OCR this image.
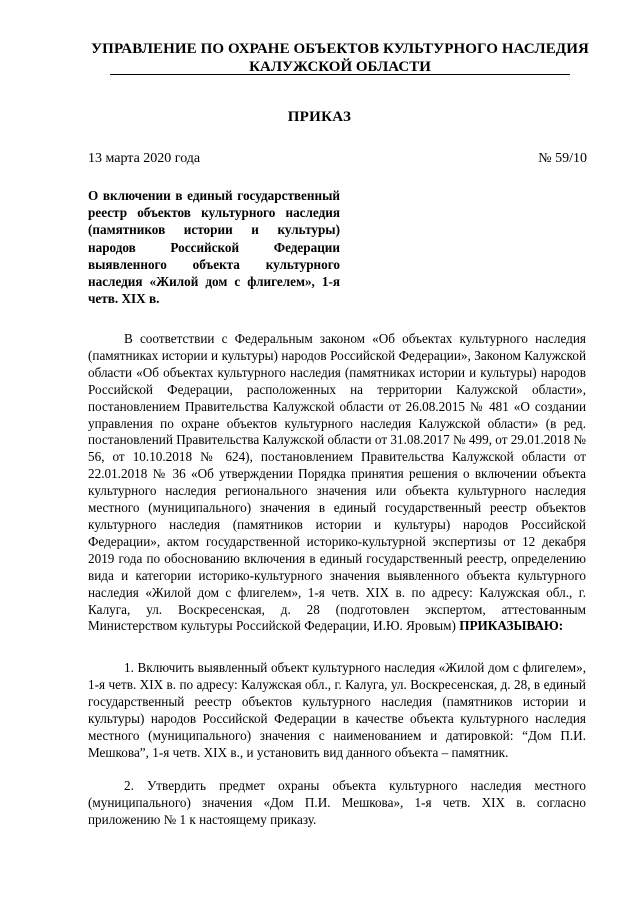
УПРАВЛЕНИЕ ПО ОХРАНЕ ОБЪЕКТОВ КУЛЬТУРНОГО НАСЛЕДИЯ
КАЛУЖСКОЙ ОБЛАСТИ
ПРИКАЗ
13 марта 2020 года	№ 59/10
О включении в единый государственный реестр объектов культурного наследия (памятников истории и культуры) народов Российской Федерации выявленного объекта культурного наследия «Жилой дом с флигелем», 1-я четв. XIX в.
В соответствии с Федеральным законом «Об объектах культурного наследия (памятниках истории и культуры) народов Российской Федерации», Законом Калужской области «Об объектах культурного наследия (памятниках истории и культуры) народов Российской Федерации, расположенных на территории Калужской области», постановлением Правительства Калужской области от 26.08.2015 № 481 «О создании управления по охране объектов культурного наследия Калужской области» (в ред. постановлений Правительства Калужской области от 31.08.2017 № 499, от 29.01.2018 № 56, от 10.10.2018 № 624), постановлением Правительства Калужской области от 22.01.2018 № 36 «Об утверждении Порядка принятия решения о включении объекта культурного наследия регионального значения или объекта культурного наследия местного (муниципального) значения в единый государственный реестр объектов культурного наследия (памятников истории и культуры) народов Российской Федерации», актом государственной историко-культурной экспертизы от 12 декабря 2019 года по обоснованию включения в единый государственный реестр, определению вида и категории историко-культурного значения выявленного объекта культурного наследия «Жилой дом с флигелем», 1-я четв. XIX в. по адресу: Калужская обл., г. Калуга, ул. Воскресенская, д. 28 (подготовлен экспертом, аттестованным Министерством культуры Российской Федерации, И.Ю. Яровым) ПРИКАЗЫВАЮ:
1. Включить выявленный объект культурного наследия «Жилой дом с флигелем», 1-я четв. XIX в. по адресу: Калужская обл., г. Калуга, ул. Воскресенская, д. 28, в единый государственный реестр объектов культурного наследия (памятников истории и культуры) народов Российской Федерации в качестве объекта культурного наследия местного (муниципального) значения с наименованием и датировкой: “Дом П.И. Мешкова”, 1-я четв. XIX в., и установить вид данного объекта – памятник.
2. Утвердить предмет охраны объекта культурного наследия местного (муниципального) значения «Дом П.И. Мешкова», 1-я четв. XIX в. согласно приложению № 1 к настоящему приказу.
